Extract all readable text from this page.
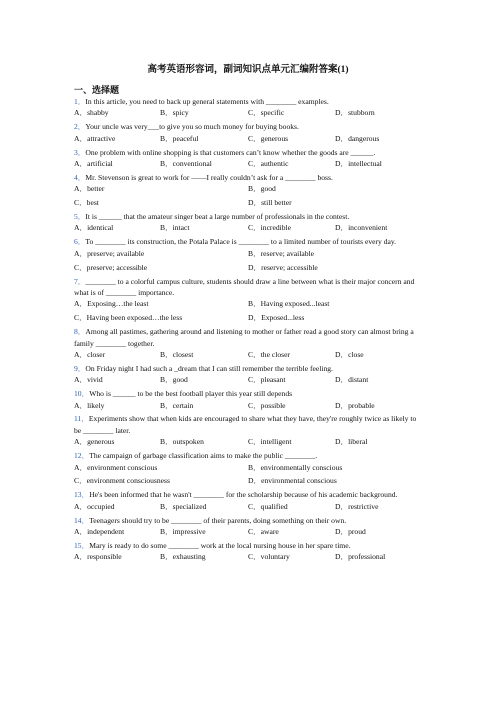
高考英语形容词，副词知识点单元汇编附答案(1)
一、选择题
1．In this article, you need to back up general statements with ________ examples.
A．shabby	B．spicy	C．specific	D．stubborn
2．Your uncle was very___to give you so much money for buying books.
A．attractive	B．peaceful	C．generous	D．dangerous
3．One problem with online shopping is that customers can’t know whether the goods are ______.
A．artificial	B．conventional	C．authentic	D．intellectual
4．Mr. Stevenson is great to work for ——I really couldn’t ask for a ________ boss.
A．better	B．good
C．best	D．still better
5．It is ______ that the amateur singer beat a large number of professionals in the contest.
A．identical	B．intact	C．incredible	D．inconvenient
6．To ________ its construction, the Potala Palace is ________ to a limited number of tourists every day.
A．preserve; available	B．reserve; available
C．preserve; accessible	D．reserve; accessible
7．________ to a colorful campus culture, students should draw a line between what is their major concern and what is of ________ importance.
A．Exposing…the least	B．Having exposed...least
C．Having been exposed…the less	D．Exposed...less
8．Among all pastimes, gathering around and listening to mother or father read a good story can almost bring a family ________ together.
A．closer	B．closest	C．the closer	D．close
9．On Friday night I had such a _dream that I can still remember the terrible feeling.
A．vivid	B．good	C．pleasant	D．distant
10．Who is ______ to be the best football player this year still depends
A．likely	B．certain	C．possible	D．probable
11．Experiments show that when kids are encouraged to share what they have, they're roughly twice as likely to be ________ later.
A．generous	B．outspoken	C．intelligent	D．liberal
12．The campaign of garbage classification aims to make the public ________.
A．environment conscious	B．environmentally conscious
C．environment consciousness	D．environmental conscious
13．He's been informed that he wasn't ________ for the scholarship because of his academic background.
A．occupied	B．specialized	C．qualified	D．restrictive
14．Teenagers should try to be ________ of their parents, doing something on their own.
A．independent	B．impressive	C．aware	D．proud
15．Mary is ready to do some ________ work at the local nursing house in her spare time.
A．responsible	B．exhausting	C．voluntary	D．professional
